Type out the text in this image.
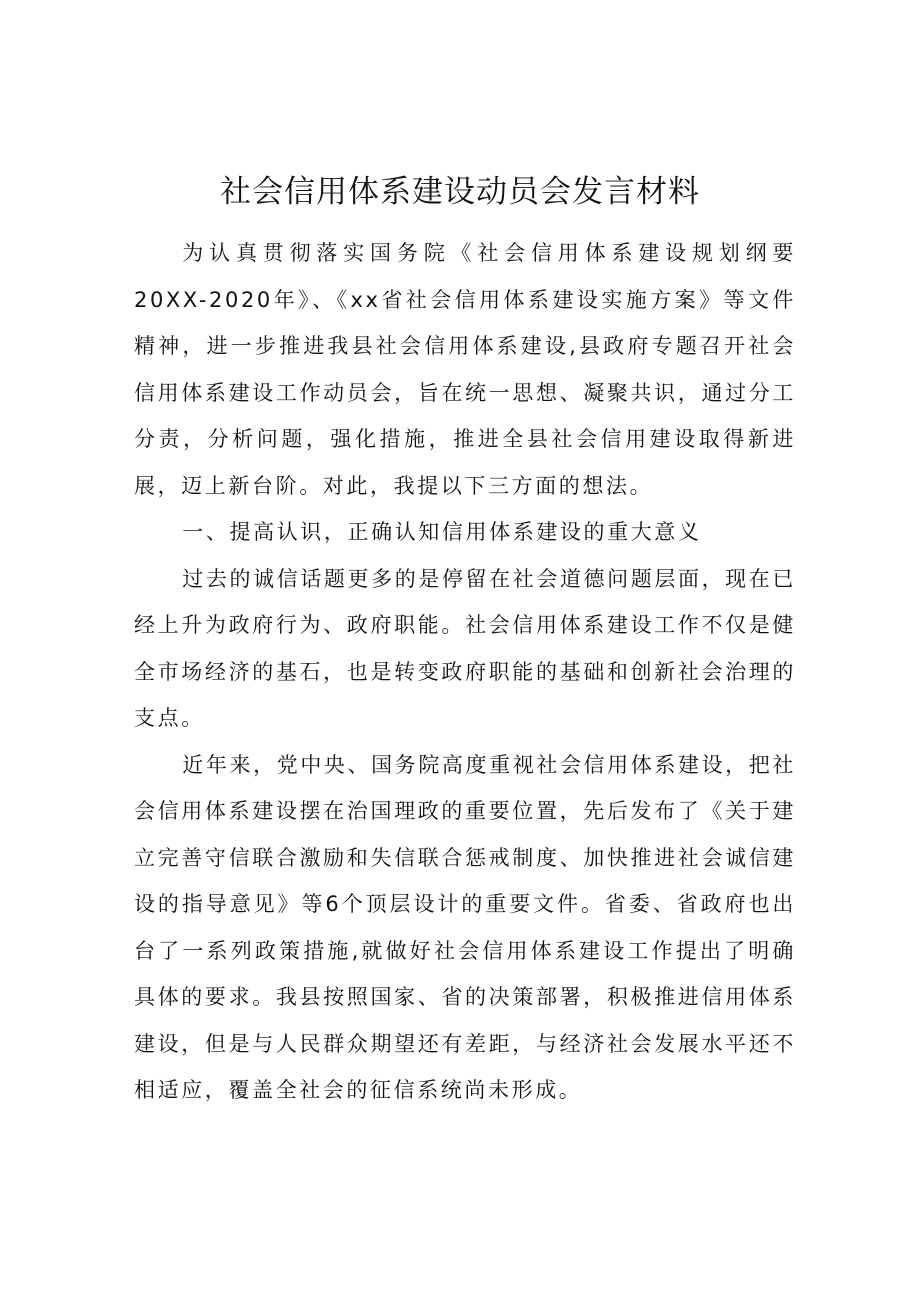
社会信用体系建设动员会发言材料

为认真贯彻落实国务院《社会信用体系建设规划纲要20XX-2020年》、《xx省社会信用体系建设实施方案》等文件精神，进一步推进我县社会信用体系建设,县政府专题召开社会信用体系建设工作动员会，旨在统一思想、凝聚共识，通过分工分责，分析问题，强化措施，推进全县社会信用建设取得新进展，迈上新台阶。对此，我提以下三方面的想法。

一、提高认识，正确认知信用体系建设的重大意义

过去的诚信话题更多的是停留在社会道德问题层面，现在已经上升为政府行为、政府职能。社会信用体系建设工作不仅是健全市场经济的基石，也是转变政府职能的基础和创新社会治理的支点。

近年来，党中央、国务院高度重视社会信用体系建设，把社会信用体系建设摆在治国理政的重要位置，先后发布了《关于建立完善守信联合激励和失信联合惩戒制度、加快推进社会诚信建设的指导意见》等6个顶层设计的重要文件。省委、省政府也出台了一系列政策措施,就做好社会信用体系建设工作提出了明确具体的要求。我县按照国家、省的决策部署，积极推进信用体系建设，但是与人民群众期望还有差距，与经济社会发展水平还不相适应，覆盖全社会的征信系统尚未形成。
